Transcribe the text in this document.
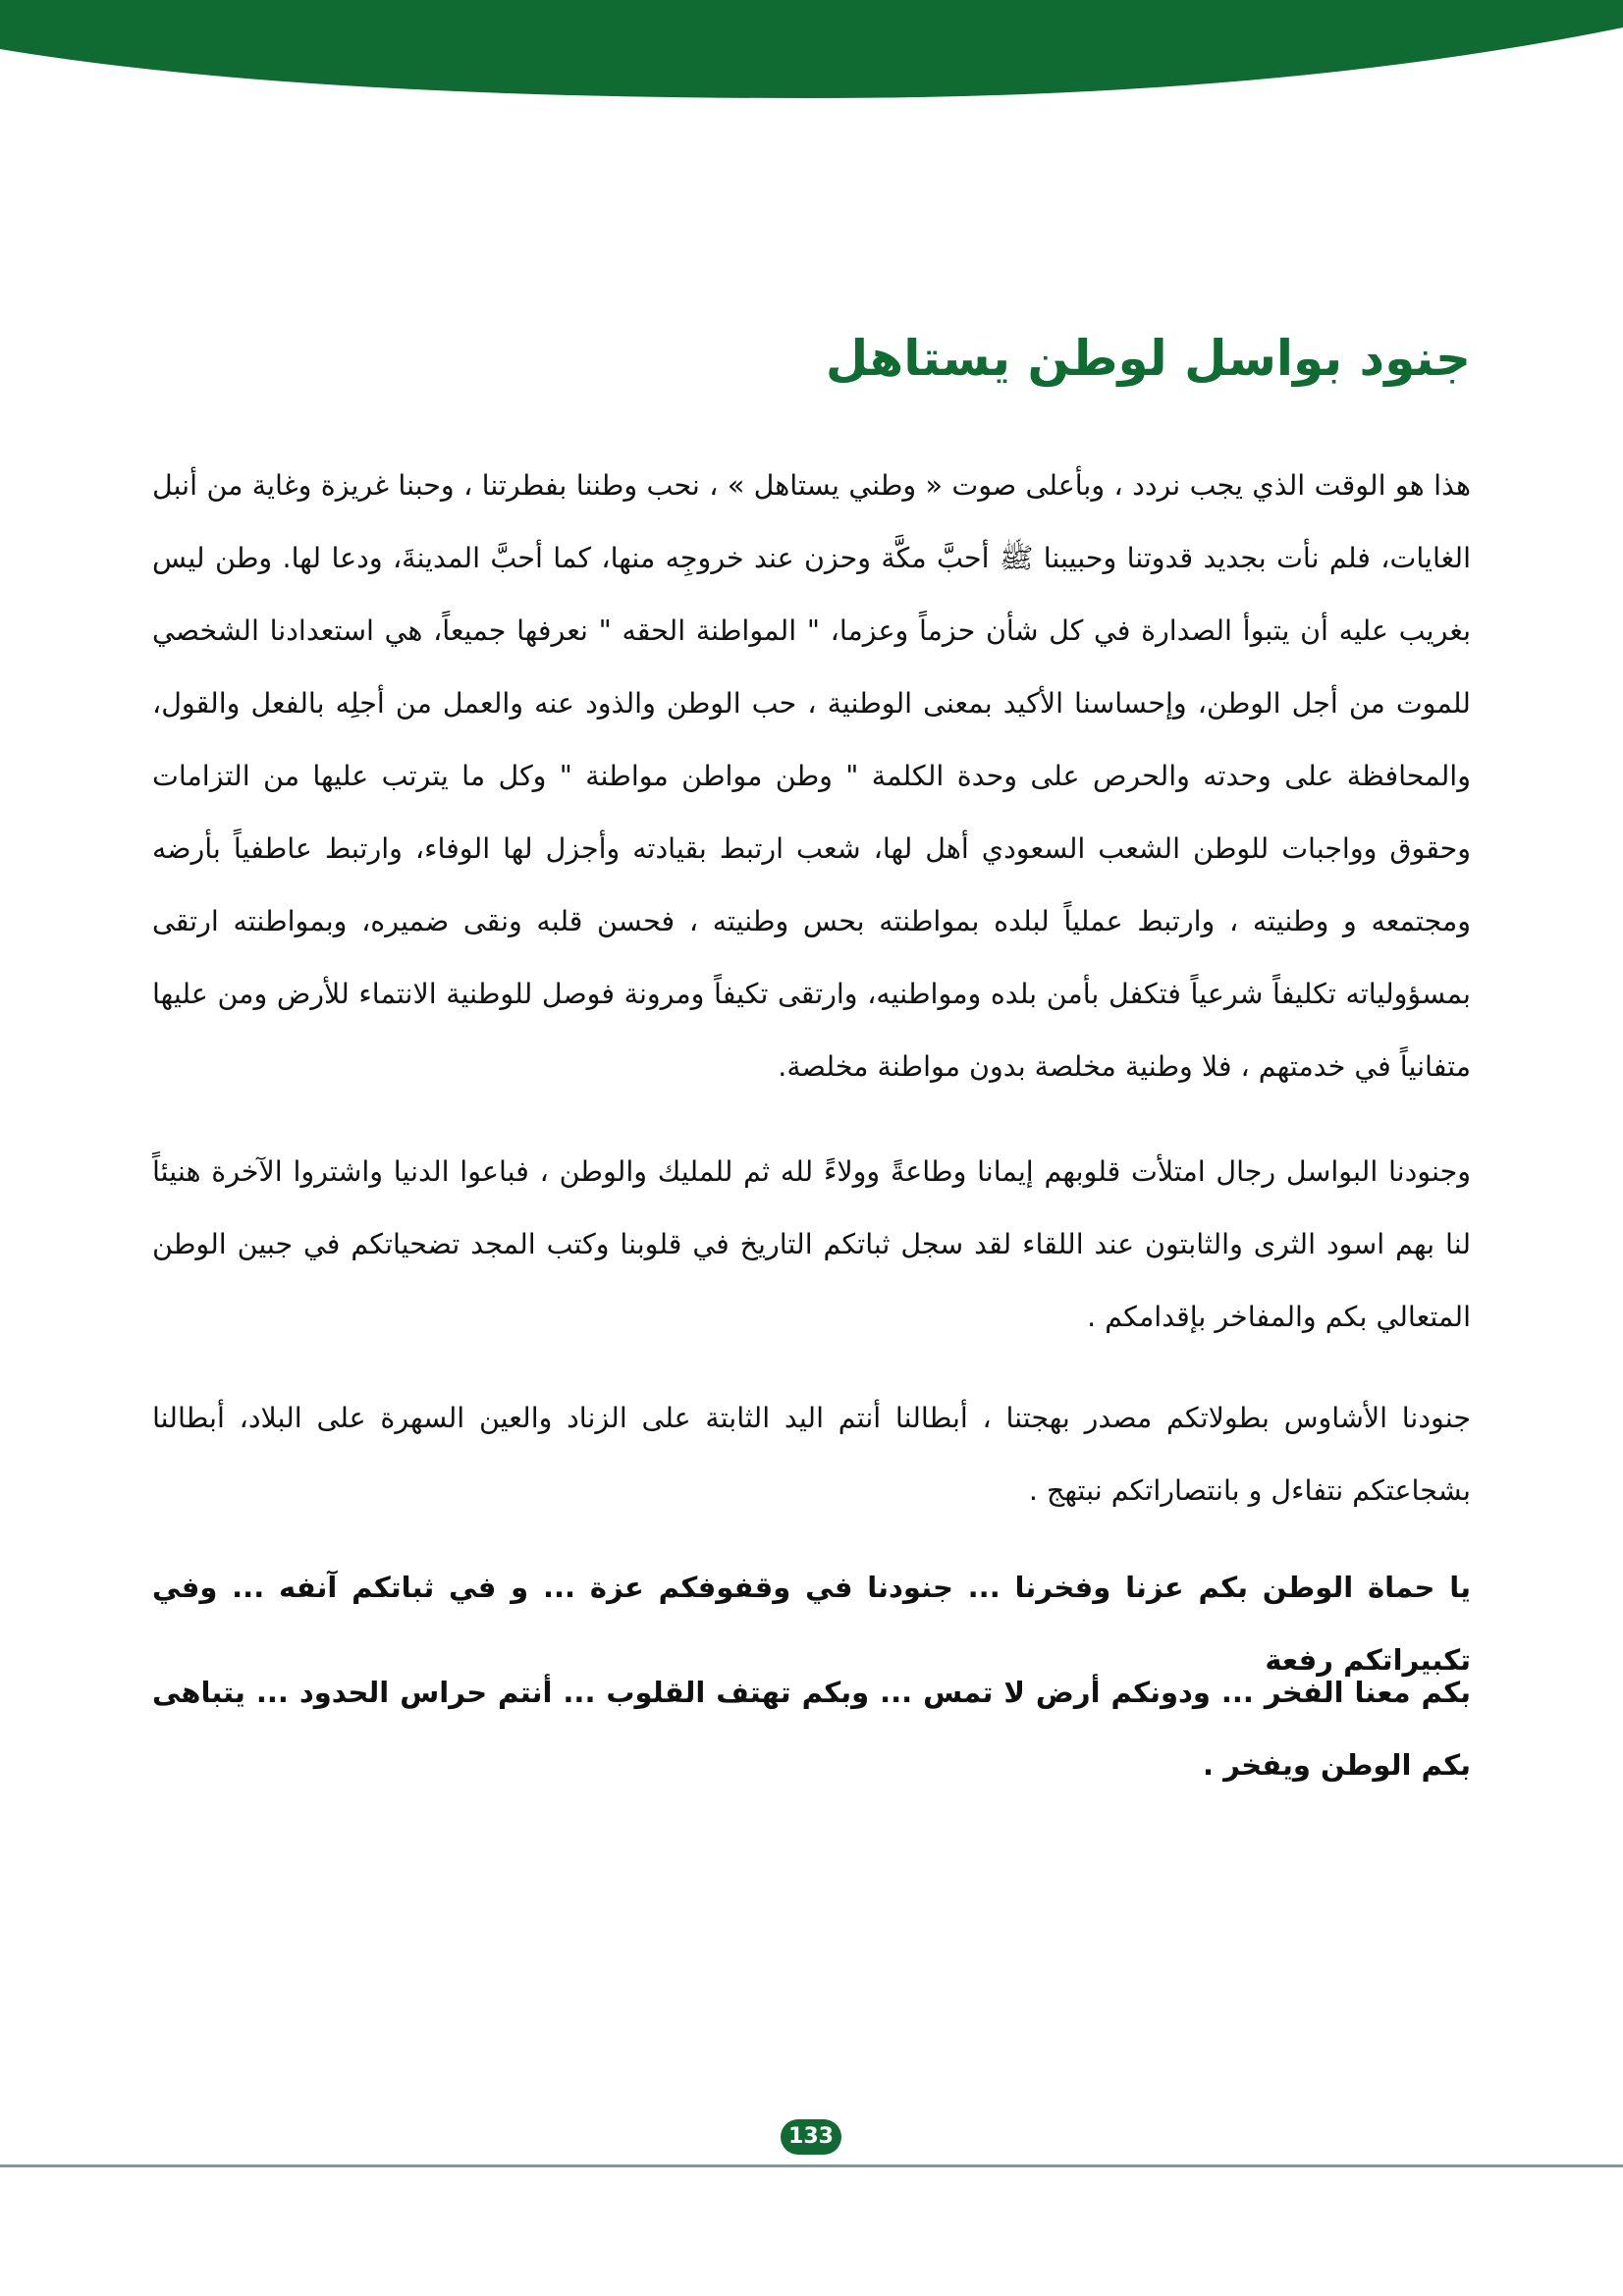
جنود بواسل لوطن يستاهل

هذا هو الوقت الذي يجب نردد ، وبأعلى صوت « وطني يستاهل » ، نحب وطننا بفطرتنا ، وحبنا غريزة وغاية من أنبل الغايات، فلم نأت بجديد قدوتنا وحبيبنا ﷺ أحبَّ مكَّة وحزن عند خروجِه منها، كما أحبَّ المدينةَ، ودعا لها. وطن ليس بغريب عليه أن يتبوأ الصدارة في كل شأن حزماً وعزما، " المواطنة الحقه " نعرفها جميعاً، هي استعدادنا الشخصي للموت من أجل الوطن، وإحساسنا الأكيد بمعنى الوطنية ، حب الوطن والذود عنه والعمل من أجلِه بالفعل والقول، والمحافظة على وحدته والحرص على وحدة الكلمة " وطن مواطن مواطنة " وكل ما يترتب عليها من التزامات وحقوق وواجبات للوطن الشعب السعودي أهل لها، شعب ارتبط بقيادته وأجزل لها الوفاء، وارتبط عاطفياً بأرضه ومجتمعه و وطنيته ، وارتبط عملياً لبلده بمواطنته بحس وطنيته ، فحسن قلبه ونقى ضميره، وبمواطنته ارتقى بمسؤولياته تكليفاً شرعياً فتكفل بأمن بلده ومواطنيه، وارتقى تكيفاً ومرونة فوصل للوطنية الانتماء للأرض ومن عليها متفانياً في خدمتهم ، فلا وطنية مخلصة بدون مواطنة مخلصة.

وجنودنا البواسل رجال امتلأت قلوبهم إيمانا وطاعةً وولاءً لله ثم للمليك والوطن ، فباعوا الدنيا واشتروا الآخرة هنيئاً لنا بهم اسود الثرى والثابتون عند اللقاء لقد سجل ثباتكم التاريخ في قلوبنا وكتب المجد تضحياتكم في جبين الوطن المتعالي بكم والمفاخر بإقدامكم .

جنودنا الأشاوس بطولاتكم مصدر بهجتنا ، أبطالنا أنتم اليد الثابتة على الزناد والعين السهرة على البلاد، أبطالنا بشجاعتكم نتفاءل و بانتصاراتكم نبتهج .

يا حماة الوطن بكم عزنا وفخرنا ... جنودنا في وقفوفكم عزة ... و في ثباتكم آنفه ... وفي تكبيراتكم رفعة

بكم معنا الفخر ... ودونكم أرض لا تمس ... وبكم تهتف القلوب ... أنتم حراس الحدود ... يتباهى بكم الوطن ويفخر .

133
